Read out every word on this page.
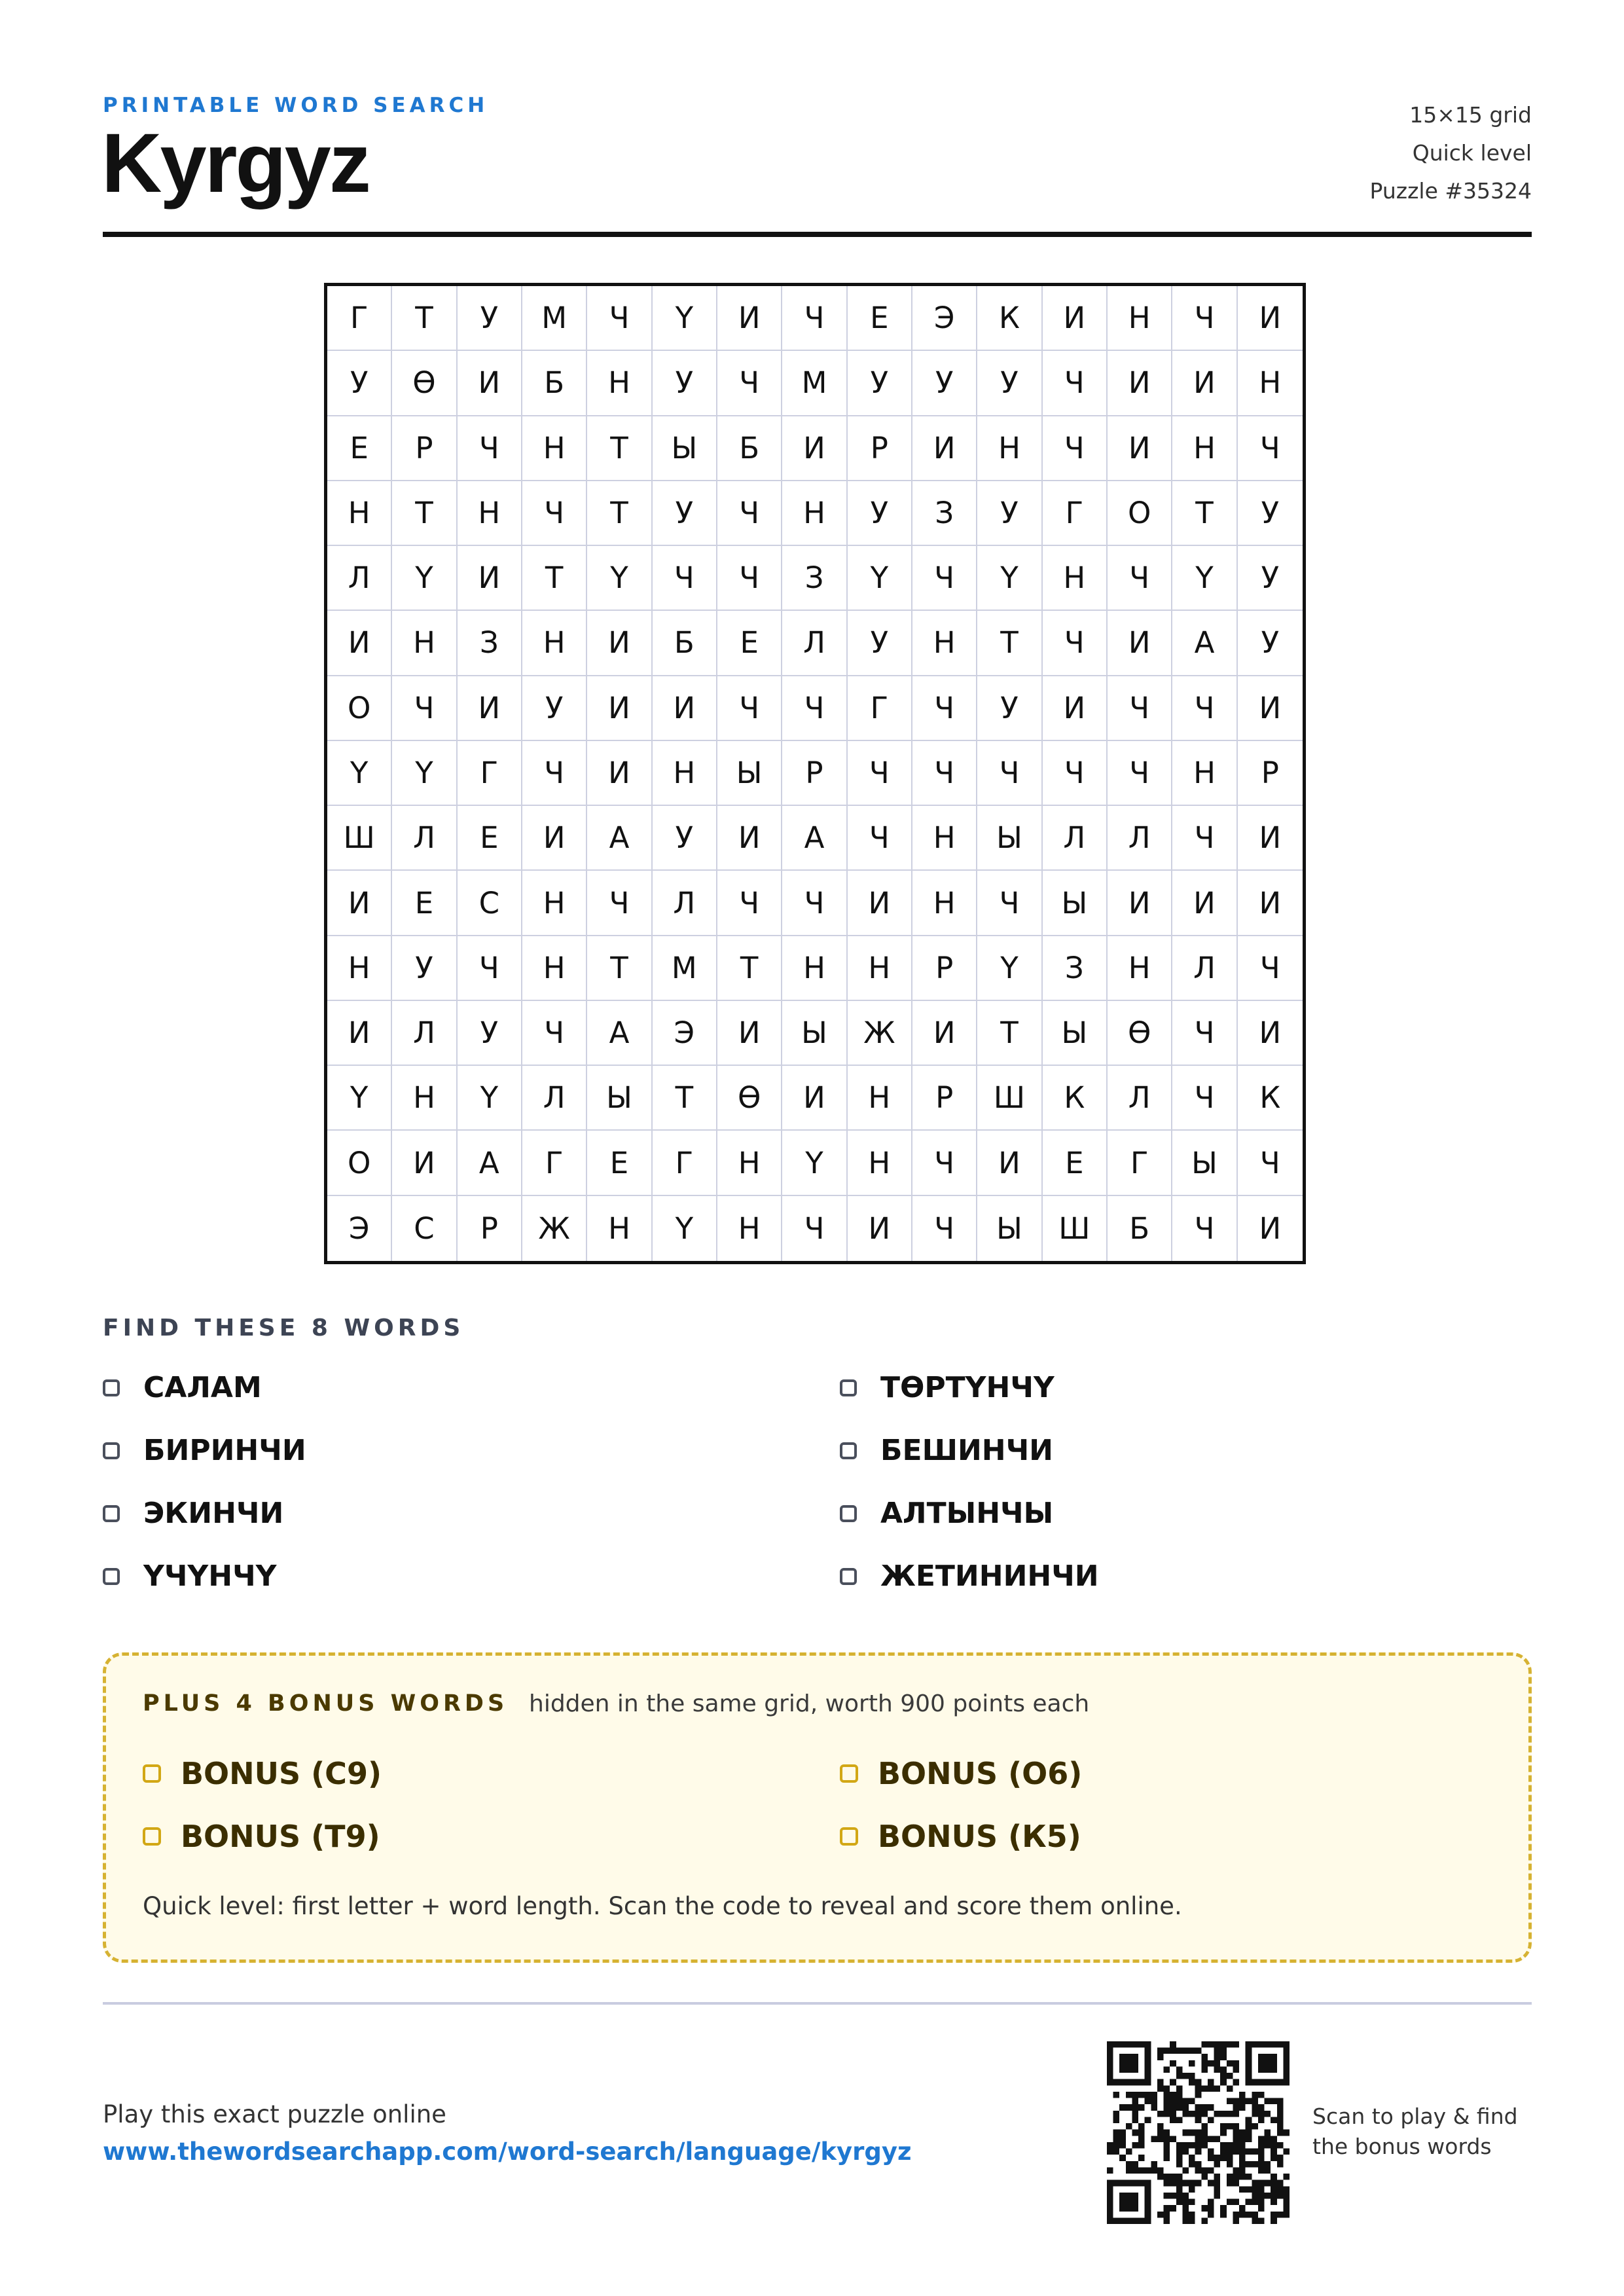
PRINTABLE WORD SEARCH
Kyrgyz
15×15 grid
Quick level
Puzzle #35324
Г	Т	У	М	Ч	Ү	И	Ч	Е	Э	К	И	Н	Ч	И
У	Ө	И	Б	Н	У	Ч	М	У	У	У	Ч	И	И	Н
Е	Р	Ч	Н	Т	Ы	Б	И	Р	И	Н	Ч	И	Н	Ч
Н	Т	Н	Ч	Т	У	Ч	Н	У	З	У	Г	О	Т	У
Л	Ү	И	Т	Ү	Ч	Ч	З	Ү	Ч	Ү	Н	Ч	Ү	У
И	Н	З	Н	И	Б	Е	Л	У	Н	Т	Ч	И	А	У
О	Ч	И	У	И	И	Ч	Ч	Г	Ч	У	И	Ч	Ч	И
Ү	Ү	Г	Ч	И	Н	Ы	Р	Ч	Ч	Ч	Ч	Ч	Н	Р
Ш	Л	Е	И	А	У	И	А	Ч	Н	Ы	Л	Л	Ч	И
И	Е	С	Н	Ч	Л	Ч	Ч	И	Н	Ч	Ы	И	И	И
Н	У	Ч	Н	Т	М	Т	Н	Н	Р	Ү	З	Н	Л	Ч
И	Л	У	Ч	А	Э	И	Ы	Ж	И	Т	Ы	Ө	Ч	И
Ү	Н	Ү	Л	Ы	Т	Ө	И	Н	Р	Ш	К	Л	Ч	К
О	И	А	Г	Е	Г	Н	Ү	Н	Ч	И	Е	Г	Ы	Ч
Э	С	Р	Ж	Н	Ү	Н	Ч	И	Ч	Ы	Ш	Б	Ч	И
FIND THESE 8 WORDS
САЛАМ	ТӨРТҮНЧҮ
БИРИНЧИ	БЕШИНЧИ
ЭКИНЧИ	АЛТЫНЧЫ
ҮЧҮНЧҮ	ЖЕТИНИНЧИ
PLUS 4 BONUS WORDS hidden in the same grid, worth 900 points each
BONUS (С9)	BONUS (О6)
BONUS (Т9)	BONUS (К5)
Quick level: first letter + word length. Scan the code to reveal and score them online.
Play this exact puzzle online
www.thewordsearchapp.com/word-search/language/kyrgyz
Scan to play & find
the bonus words
